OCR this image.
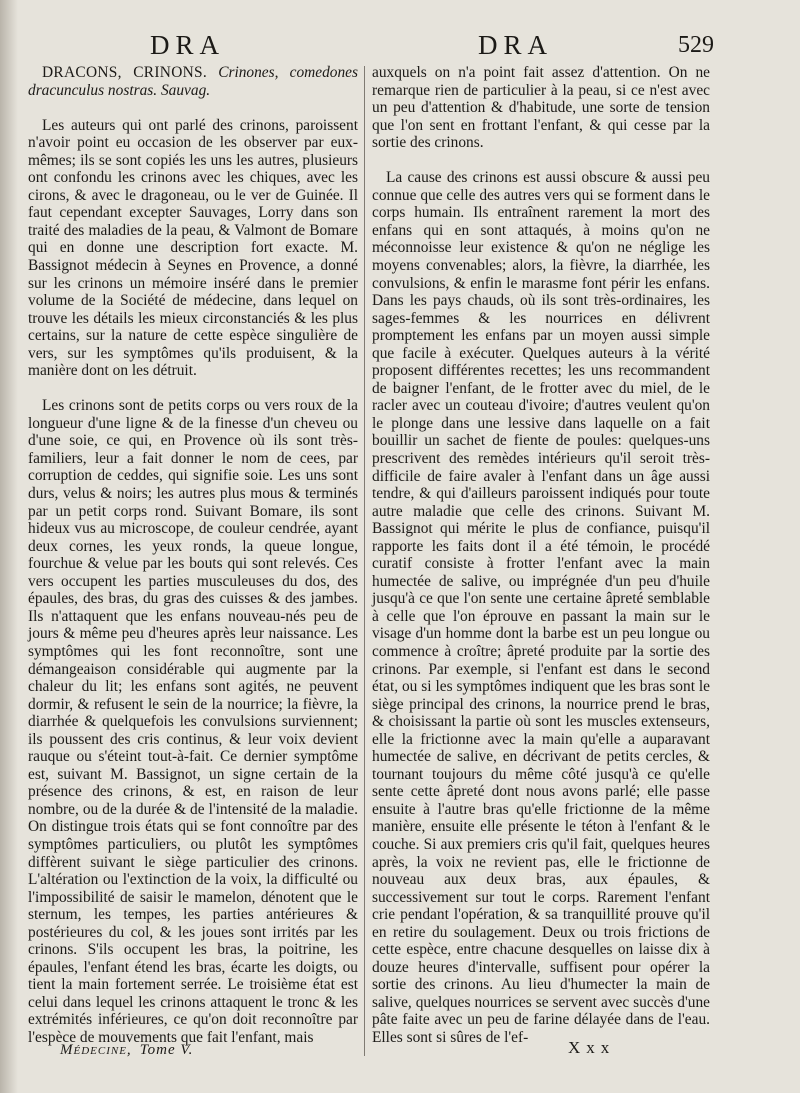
DRA	DRA	529
DRACONS, CRINONS. Crinones, comedones dracunculus nostras. Sauvag.

Les auteurs qui ont parlé des crinons, paroissent n'avoir point eu occasion de les observer par eux-mêmes; ils se sont copiés les uns les autres, plusieurs ont confondu les crinons avec les chiques, avec les cirons, & avec le dragoneau, ou le ver de Guinée. Il faut cependant excepter Sauvages, Lorry dans son traité des maladies de la peau, & Valmont de Bomare qui en donne une description fort exacte. M. Bassignot médecin à Seynes en Provence, a donné sur les crinons un mémoire inséré dans le premier volume de la Société de médecine, dans lequel on trouve les détails les mieux circonstanciés & les plus certains, sur la nature de cette espèce singulière de vers, sur les symptômes qu'ils produisent, & la manière dont on les détruit.

Les crinons sont de petits corps ou vers roux de la longueur d'une ligne & de la finesse d'un cheveu ou d'une soie, ce qui, en Provence où ils sont très-familiers, leur a fait donner le nom de cees, par corruption de ceddes, qui signifie soie. Les uns sont durs, velus & noirs; les autres plus mous & terminés par un petit corps rond. Suivant Bomare, ils sont hideux vus au microscope, de couleur cendrée, ayant deux cornes, les yeux ronds, la queue longue, fourchue & velue par les bouts qui sont relevés. Ces vers occupent les parties musculeuses du dos, des épaules, des bras, du gras des cuisses & des jambes. Ils n'attaquent que les enfans nouveau-nés peu de jours & même peu d'heures après leur naissance. Les symptômes qui les font reconnoître, sont une démangeaison considérable qui augmente par la chaleur du lit; les enfans sont agités, ne peuvent dormir, & refusent le sein de la nourrice; la fièvre, la diarrhée & quelquefois les convulsions surviennent; ils poussent des cris continus, & leur voix devient rauque ou s'éteint tout-à-fait. Ce dernier symptôme est, suivant M. Bassignot, un signe certain de la présence des crinons, & est, en raison de leur nombre, ou de la durée & de l'intensité de la maladie. On distingue trois états qui se font connoître par des symptômes particuliers, ou plutôt les symptômes diffèrent suivant le siège particulier des crinons. L'altération ou l'extinction de la voix, la difficulté ou l'impossibilité de saisir le mamelon, dénotent que le sternum, les tempes, les parties antérieures & postérieures du col, & les joues sont irrités par les crinons. S'ils occupent les bras, la poitrine, les épaules, l'enfant étend les bras, écarte les doigts, ou tient la main fortement serrée. Le troisième état est celui dans lequel les crinons attaquent le tronc & les extrémités inférieures, ce qu'on doit reconnoître par l'espèce de mouvements que fait l'enfant, mais

auxquels on n'a point fait assez d'attention. On ne remarque rien de particulier à la peau, si ce n'est avec un peu d'attention & d'habitude, une sorte de tension que l'on sent en frottant l'enfant, & qui cesse par la sortie des crinons.

La cause des crinons est aussi obscure & aussi peu connue que celle des autres vers qui se forment dans le corps humain. Ils entraînent rarement la mort des enfans qui en sont attaqués, à moins qu'on ne méconnoisse leur existence & qu'on ne néglige les moyens convenables; alors, la fièvre, la diarrhée, les convulsions, & enfin le marasme font périr les enfans. Dans les pays chauds, où ils sont très-ordinaires, les sages-femmes & les nourrices en délivrent promptement les enfans par un moyen aussi simple que facile à exécuter. Quelques auteurs à la vérité proposent différentes recettes; les uns recommandent de baigner l'enfant, de le frotter avec du miel, de le racler avec un couteau d'ivoire; d'autres veulent qu'on le plonge dans une lessive dans laquelle on a fait bouillir un sachet de fiente de poules: quelques-uns prescrivent des remèdes intérieurs qu'il seroit très-difficile de faire avaler à l'enfant dans un âge aussi tendre, & qui d'ailleurs paroissent indiqués pour toute autre maladie que celle des crinons. Suivant M. Bassignot qui mérite le plus de confiance, puisqu'il rapporte les faits dont il a été témoin, le procédé curatif consiste à frotter l'enfant avec la main humectée de salive, ou imprégnée d'un peu d'huile jusqu'à ce que l'on sente une certaine âpreté semblable à celle que l'on éprouve en passant la main sur le visage d'un homme dont la barbe est un peu longue ou commence à croître; âpreté produite par la sortie des crinons. Par exemple, si l'enfant est dans le second état, ou si les symptômes indiquent que les bras sont le siège principal des crinons, la nourrice prend le bras, & choisissant la partie où sont les muscles extenseurs, elle la frictionne avec la main qu'elle a auparavant humectée de salive, en décrivant de petits cercles, & tournant toujours du même côté jusqu'à ce qu'elle sente cette âpreté dont nous avons parlé; elle passe ensuite à l'autre bras qu'elle frictionne de la même manière, ensuite elle présente le téton à l'enfant & le couche. Si aux premiers cris qu'il fait, quelques heures après, la voix ne revient pas, elle le frictionne de nouveau aux deux bras, aux épaules, & successivement sur tout le corps. Rarement l'enfant crie pendant l'opération, & sa tranquillité prouve qu'il en retire du soulagement. Deux ou trois frictions de cette espèce, entre chacune desquelles on laisse dix à douze heures d'intervalle, suffisent pour opérer la sortie des crinons. Au lieu d'humecter la main de salive, quelques nourrices se servent avec succès d'une pâte faite avec un peu de farine délayée dans de l'eau. Elles sont si sûres de l'ef-

Médecine, Tome V.	Xxx
